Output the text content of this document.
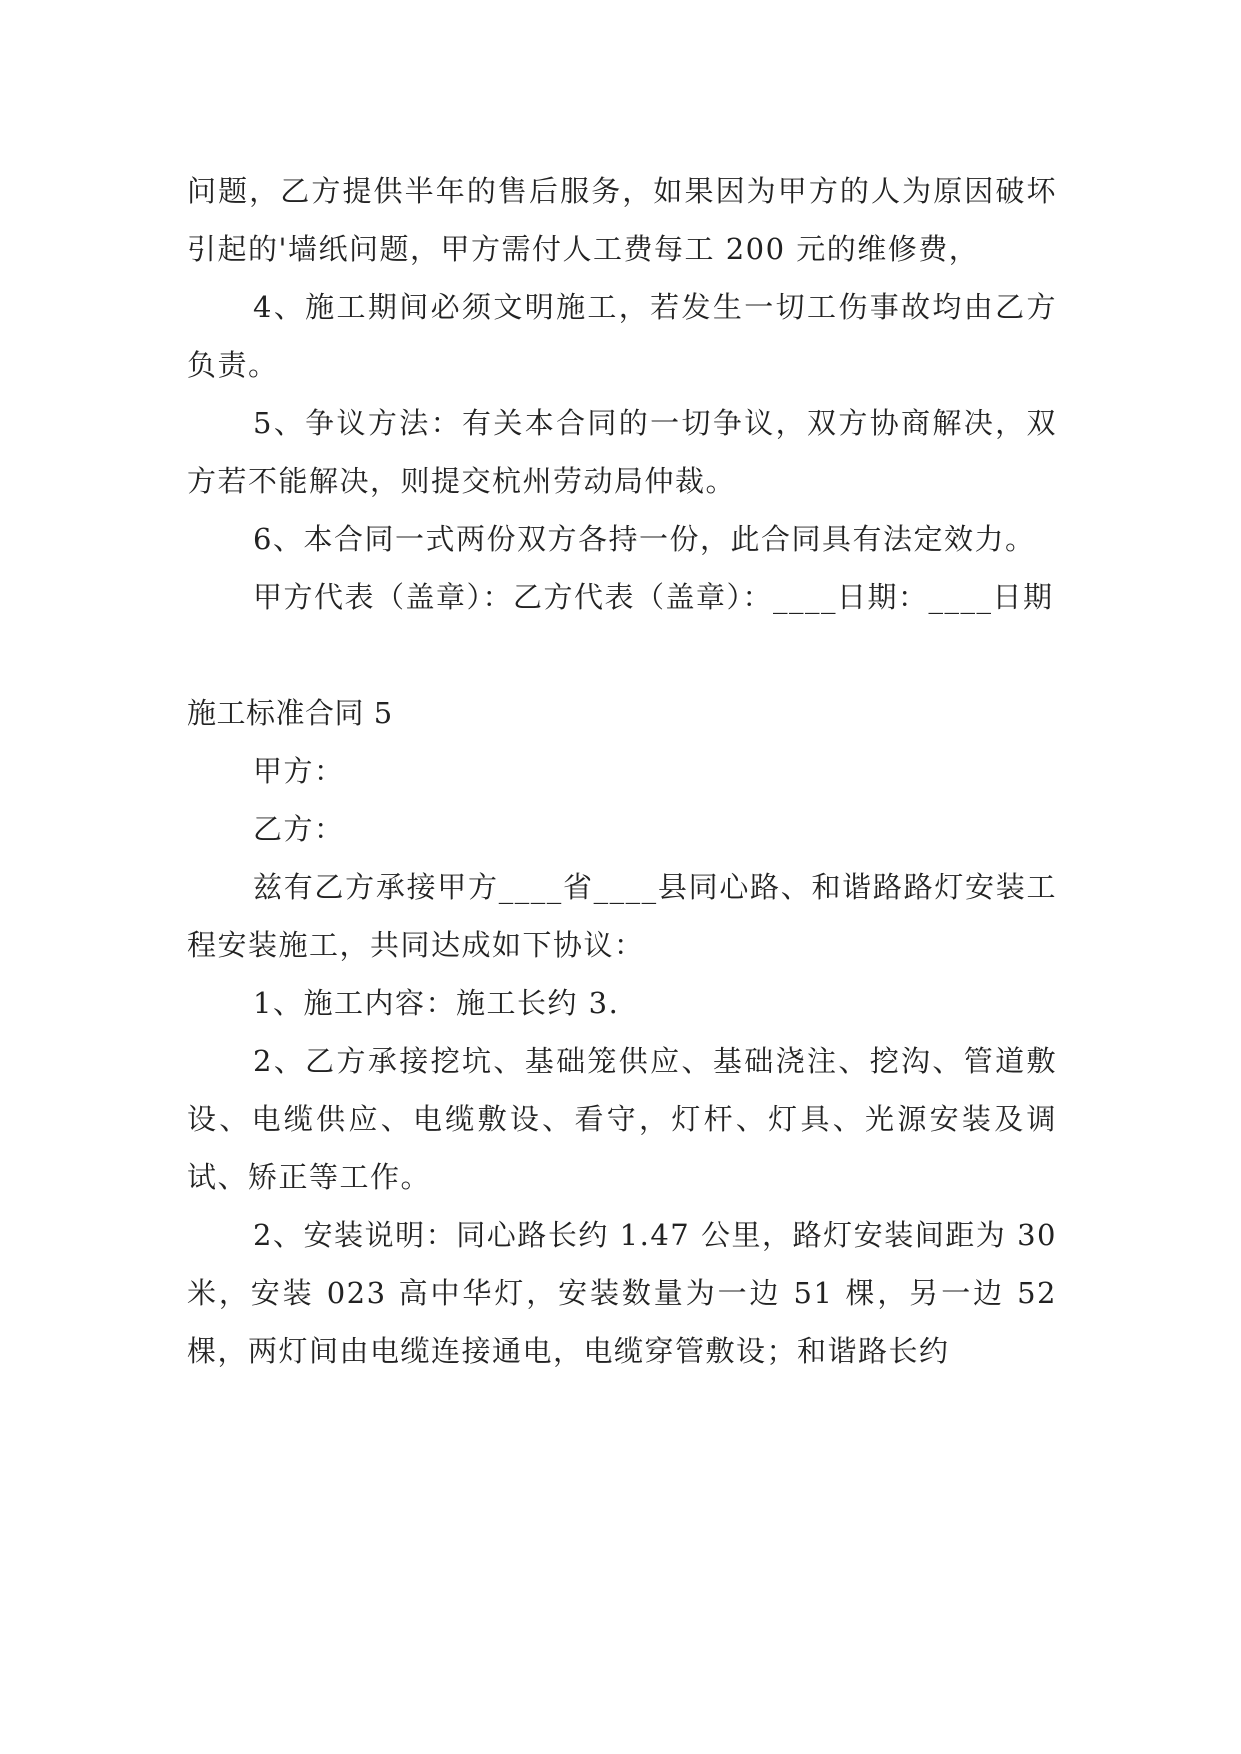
问题，乙方提供半年的售后服务，如果因为甲方的人为原因破坏引起的'墙纸问题，甲方需付人工费每工 200 元的维修费，

4、施工期间必须文明施工，若发生一切工伤事故均由乙方负责。

5、争议方法：有关本合同的一切争议，双方协商解决，双方若不能解决，则提交杭州劳动局仲裁。

6、本合同一式两份双方各持一份，此合同具有法定效力。

甲方代表（盖章）：乙方代表（盖章）：____日期：____日期

施工标准合同 5

甲方：

乙方：

兹有乙方承接甲方____省____县同心路、和谐路路灯安装工程安装施工，共同达成如下协议：

1、施工内容：施工长约 3.

2、乙方承接挖坑、基础笼供应、基础浇注、挖沟、管道敷设、电缆供应、电缆敷设、看守，灯杆、灯具、光源安装及调试、矫正等工作。

2、安装说明：同心路长约 1.47 公里，路灯安装间距为 30 米，安装 023 高中华灯，安装数量为一边 51 棵，另一边 52 棵，两灯间由电缆连接通电，电缆穿管敷设；和谐路长约
